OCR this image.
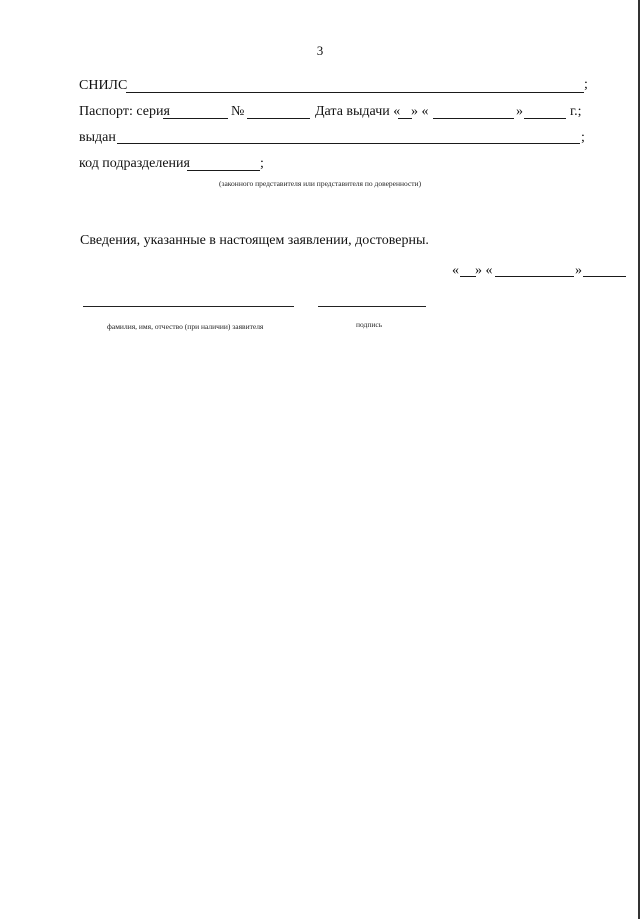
3
СНИЛС	;
Паспорт: серия	№	Дата выдачи « » «	»	г.;
выдан	;
код подразделения	;
(законного представителя или представителя по доверенности)
Сведения, указанные в настоящем заявлении, достоверны.
« » «	»
фамилия, имя, отчество (при наличии) заявителя	подпись
